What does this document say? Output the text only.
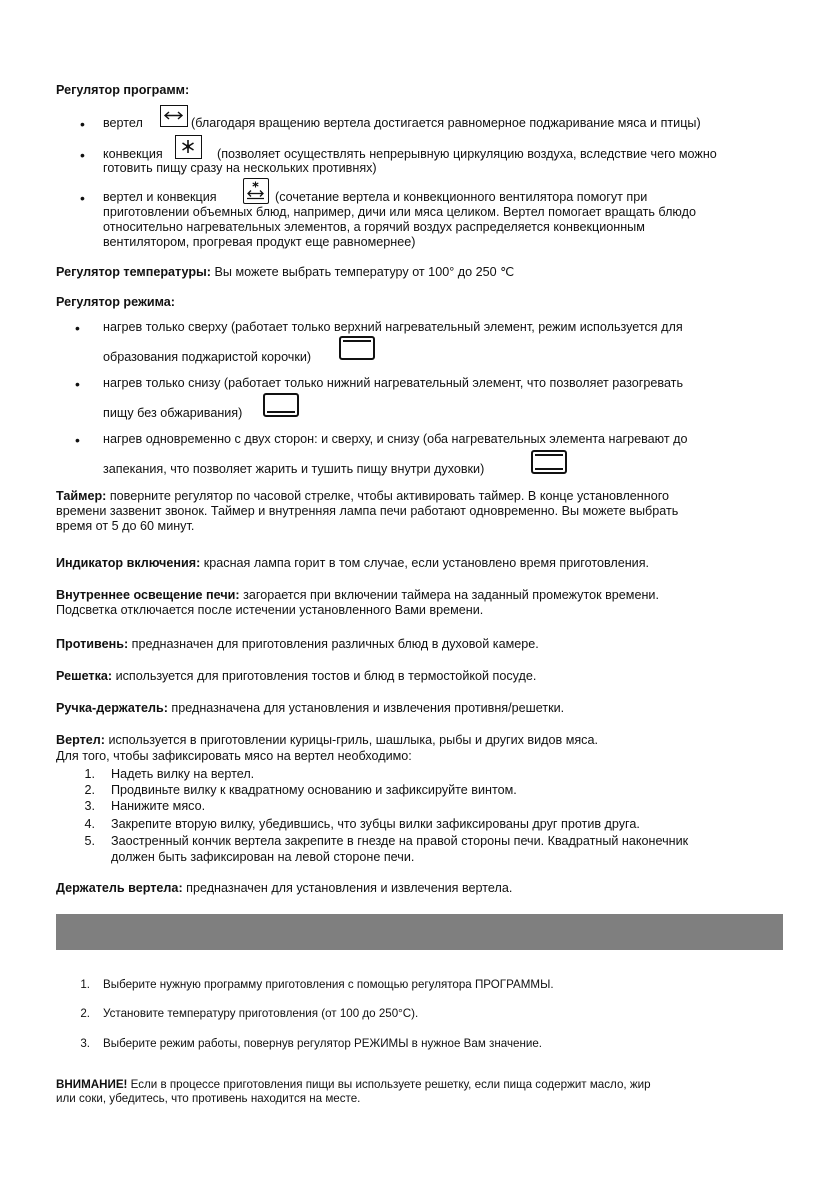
Регулятор программ:
• вертел	(благодаря вращению вертела достигается равномерное поджаривание мяса и птицы)
• конвекция	(позволяет осуществлять непрерывную циркуляцию воздуха, вследствие чего можно
готовить пищу сразу на нескольких противнях)
• вертел и конвекция	(сочетание вертела и конвекционного вентилятора помогут при
приготовлении объемных блюд, например, дичи или мяса целиком. Вертел помогает вращать блюдо
относительно нагревательных элементов, а горячий воздух распределяется конвекционным
вентилятором, прогревая продукт еще равномернее)
Регулятор температуры: Вы можете выбрать температуру от 100° до 250 ℃
Регулятор режима:
• нагрев только сверху (работает только верхний нагревательный элемент, режим используется для
образования поджаристой корочки)
• нагрев только снизу (работает только нижний нагревательный элемент, что позволяет разогревать
пищу без обжаривания)
• нагрев одновременно с двух сторон: и сверху, и снизу (оба нагревательных элемента нагревают до
запекания, что позволяет жарить и тушить пищу внутри духовки)
Таймер: поверните регулятор по часовой стрелке, чтобы активировать таймер. В конце установленного
времени зазвенит звонок. Таймер и внутренняя лампа печи работают одновременно. Вы можете выбрать
время от 5 до 60 минут.
Индикатор включения: красная лампа горит в том случае, если установлено время приготовления.
Внутреннее освещение печи: загорается при включении таймера на заданный промежуток времени.
Подсветка отключается после истечении установленного Вами времени.
Противень: предназначен для приготовления различных блюд в духовой камере.
Решетка: используется для приготовления тостов и блюд в термостойкой посуде.
Ручка-держатель: предназначена для установления и извлечения противня/решетки.
Вертел: используется в приготовлении курицы-гриль, шашлыка, рыбы и других видов мяса.
Для того, чтобы зафиксировать мясо на вертел необходимо:
1. Надеть вилку на вертел.
2. Продвиньте вилку к квадратному основанию и зафиксируйте винтом.
3. Нанижите мясо.
4. Закрепите вторую вилку, убедившись, что зубцы вилки зафиксированы друг против друга.
5. Заостренный кончик вертела закрепите в гнезде на правой стороны печи. Квадратный наконечник
должен быть зафиксирован на левой стороне печи.
Держатель вертела: предназначен для установления и извлечения вертела.
1. Выберите нужную программу приготовления с помощью регулятора ПРОГРАММЫ.
2. Установите температуру приготовления (от 100 до 250°С).
3. Выберите режим работы, повернув регулятор РЕЖИМЫ в нужное Вам значение.
ВНИМАНИЕ! Если в процессе приготовления пищи вы используете решетку, если пища содержит масло, жир
или соки, убедитесь, что противень находится на месте.
